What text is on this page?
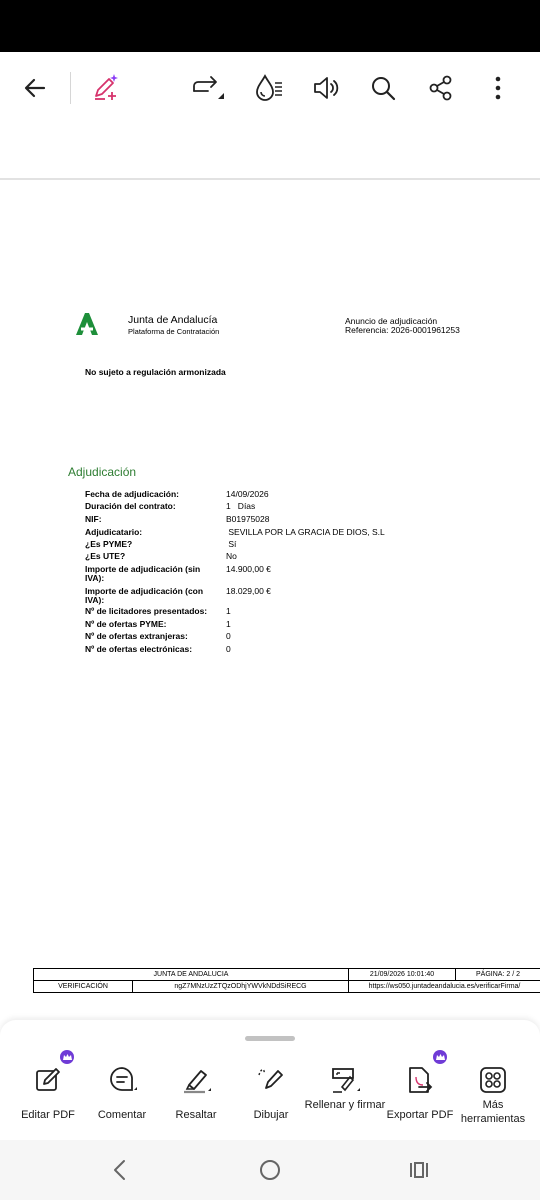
Junta de Andalucía
Plataforma de Contratación
Anuncio de adjudicación
Referencia: 2026-0001961253
No sujeto a regulación armonizada
Adjudicación
Fecha de adjudicación:	14/09/2026
Duración del contrato:	1   Días
NIF:	B01975028
Adjudicatario:	SEVILLA POR LA GRACIA DE DIOS, S.L
¿Es PYME?	Sí
¿Es UTE?	No
Importe de adjudicación (sin IVA):
14.900,00 €
Importe de adjudicación (con IVA):
18.029,00 €
Nº de licitadores presentados:	1
Nº de ofertas PYME:	1
Nº de ofertas extranjeras:	0
Nº de ofertas electrónicas:	0
JUNTA DE ANDALUCIA		21/09/2026 10:01:40	PÁGINA: 2 / 2
VERIFICACIÓN	ngZ7MNzUzZTQzODhjYWVkNDdSiRECG	https://ws050.juntadeandalucia.es/verificarFirma/	
Editar PDF	Comentar	Resaltar	Dibujar
Rellenar y firmar
Exportar PDF
Más herramientas
